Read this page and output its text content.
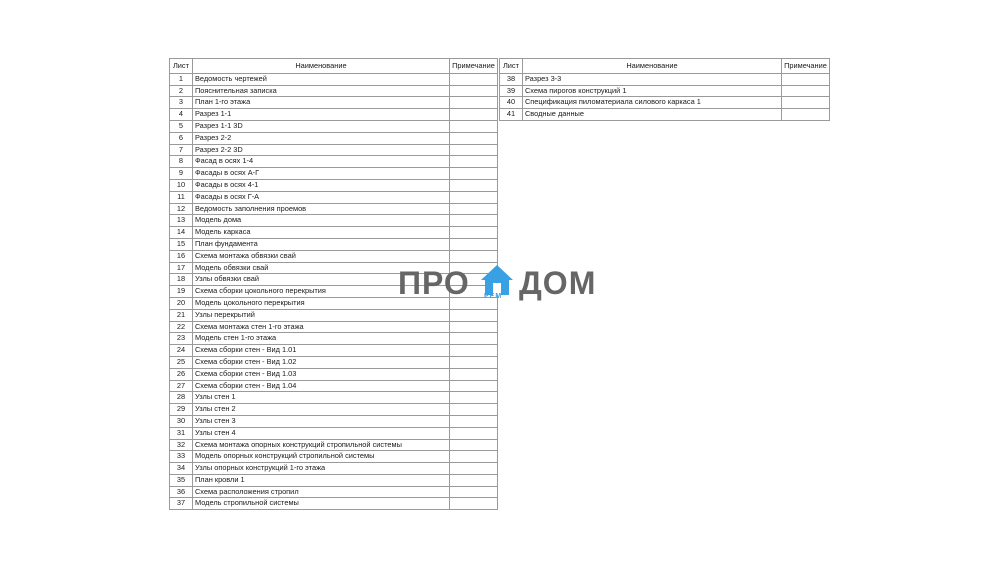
Лист	Наименование	Примечание
1	Ведомость чертежей	
2	Пояснительная записка	
3	План 1-го этажа	
4	Разрез 1-1	
5	Разрез 1-1 3D	
6	Разрез 2-2	
7	Разрез 2-2 3D	
8	Фасад в осях 1-4	
9	Фасады в осях А-Г	
10	Фасады в осях 4-1	
11	Фасады в осях Г-А	
12	Ведомость заполнения проемов	
13	Модель дома	
14	Модель каркаса	
15	План фундамента	
16	Схема монтажа обвязки свай	
17	Модель обвязки свай	
18	Узлы обвязки свай	
19	Схема сборки цокольного перекрытия	
20	Модель цокольного перекрытия	
21	Узлы перекрытий	
22	Схема монтажа стен 1-го этажа	
23	Модель стен 1-го этажа	
24	Схема сборки стен - Вид 1.01	
25	Схема сборки стен - Вид 1.02	
26	Схема сборки стен - Вид 1.03	
27	Схема сборки стен - Вид 1.04	
28	Узлы стен 1	
29	Узлы стен 2	
30	Узлы стен 3	
31	Узлы стен 4	
32	Схема монтажа опорных конструкций стропильной системы	
33	Модель опорных конструкций стропильной системы	
34	Узлы опорных конструкций 1-го этажа	
35	План кровли 1	
36	Схема расположения стропил	
37	Модель стропильной системы	
Лист	Наименование	Примечание
38	Разрез 3-3	
39	Схема пирогов конструкций 1	
40	Спецификация пиломатериала силового каркаса 1	
41	Сводные данные	
ПРО РЕМ ДОМ
